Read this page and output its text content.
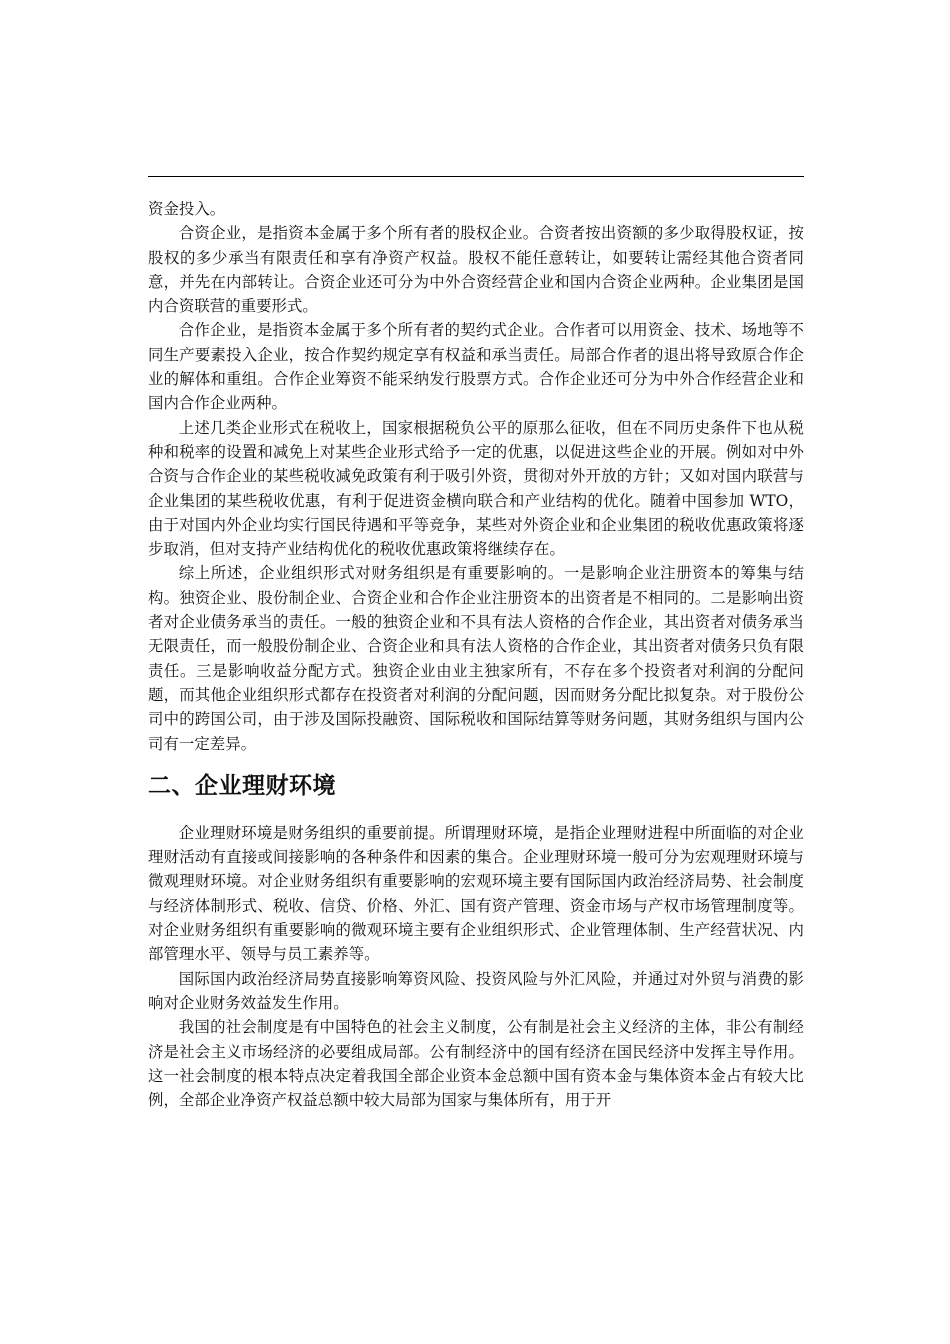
资金投入。

合资企业，是指资本金属于多个所有者的股权企业。合资者按出资额的多少取得股权证，按股权的多少承当有限责任和享有净资产权益。股权不能任意转让，如要转让需经其他合资者同意，并先在内部转让。合资企业还可分为中外合资经营企业和国内合资企业两种。企业集团是国内合资联营的重要形式。

合作企业，是指资本金属于多个所有者的契约式企业。合作者可以用资金、技术、场地等不同生产要素投入企业，按合作契约规定享有权益和承当责任。局部合作者的退出将导致原合作企业的解体和重组。合作企业筹资不能采纳发行股票方式。合作企业还可分为中外合作经营企业和国内合作企业两种。

上述几类企业形式在税收上，国家根据税负公平的原那么征收，但在不同历史条件下也从税种和税率的设置和减免上对某些企业形式给予一定的优惠，以促进这些企业的开展。例如对中外合资与合作企业的某些税收减免政策有利于吸引外资，贯彻对外开放的方针；又如对国内联营与企业集团的某些税收优惠，有利于促进资金横向联合和产业结构的优化。随着中国参加 WTO，由于对国内外企业均实行国民待遇和平等竞争，某些对外资企业和企业集团的税收优惠政策将逐步取消，但对支持产业结构优化的税收优惠政策将继续存在。

综上所述，企业组织形式对财务组织是有重要影响的。一是影响企业注册资本的筹集与结构。独资企业、股份制企业、合资企业和合作企业注册资本的出资者是不相同的。二是影响出资者对企业债务承当的责任。一般的独资企业和不具有法人资格的合作企业，其出资者对债务承当无限责任，而一般股份制企业、合资企业和具有法人资格的合作企业，其出资者对债务只负有限责任。三是影响收益分配方式。独资企业由业主独家所有，不存在多个投资者对利润的分配问题，而其他企业组织形式都存在投资者对利润的分配问题，因而财务分配比拟复杂。对于股份公司中的跨国公司，由于涉及国际投融资、国际税收和国际结算等财务问题，其财务组织与国内公司有一定差异。

二、企业理财环境

企业理财环境是财务组织的重要前提。所谓理财环境，是指企业理财进程中所面临的对企业理财活动有直接或间接影响的各种条件和因素的集合。企业理财环境一般可分为宏观理财环境与微观理财环境。对企业财务组织有重要影响的宏观环境主要有国际国内政治经济局势、社会制度与经济体制形式、税收、信贷、价格、外汇、国有资产管理、资金市场与产权市场管理制度等。对企业财务组织有重要影响的微观环境主要有企业组织形式、企业管理体制、生产经营状况、内部管理水平、领导与员工素养等。

国际国内政治经济局势直接影响筹资风险、投资风险与外汇风险，并通过对外贸与消费的影响对企业财务效益发生作用。

我国的社会制度是有中国特色的社会主义制度，公有制是社会主义经济的主体，非公有制经济是社会主义市场经济的必要组成局部。公有制经济中的国有经济在国民经济中发挥主导作用。这一社会制度的根本特点决定着我国全部企业资本金总额中国有资本金与集体资本金占有较大比例，全部企业净资产权益总额中较大局部为国家与集体所有，用于开
